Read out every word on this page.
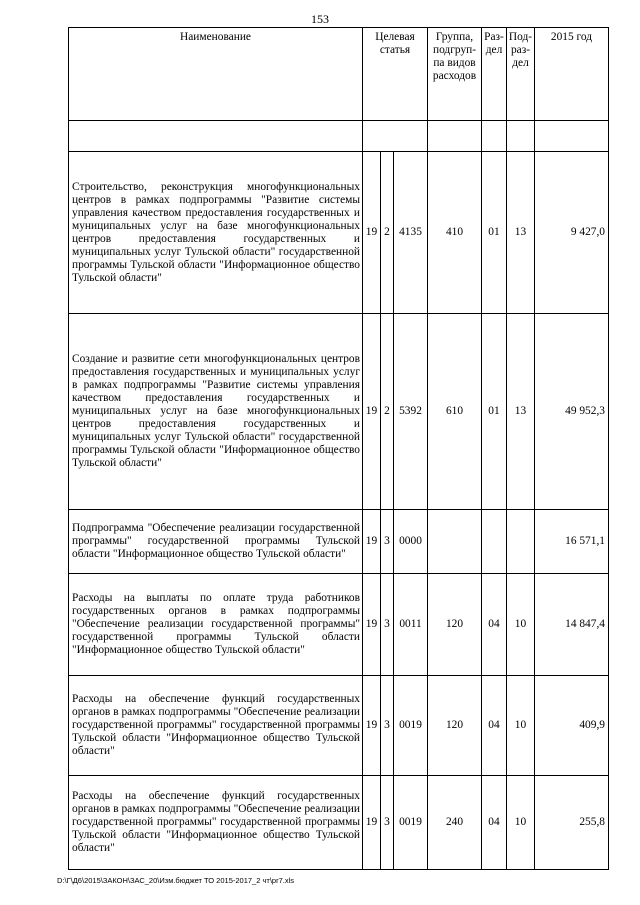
153
Наименование	Целевая статья			Группа, подгруп- па видов расходов	Раз- дел	Под- раз- дел	2015 год

Строительство, реконструкция многофункциональных центров в рамках подпрограммы "Развитие системы управления качеством предоставления государственных и муниципальных услуг на базе многофункциональных центров предоставления государственных и муниципальных услуг Тульской области" государственной программы Тульской области "Информационное общество Тульской области"	19	2	4135	410	01	13	9 427,0

Создание и развитие сети многофункциональных центров предоставления государственных и муниципальных услуг в рамках подпрограммы "Развитие системы управления качеством предоставления государственных и муниципальных услуг на базе многофункциональных центров предоставления государственных и муниципальных услуг Тульской области" государственной программы Тульской области "Информационное общество Тульской области"	19	2	5392	610	01	13	49 952,3

Подпрограмма "Обеспечение реализации государственной программы" государственной программы Тульской области "Информационное общество Тульской области"	19	3	0000				16 571,1

Расходы на выплаты по оплате труда работников государственных органов в рамках подпрограммы "Обеспечение реализации государственной программы" государственной программы Тульской области "Информационное общество Тульской области"	19	3	0011	120	04	10	14 847,4

Расходы на обеспечение функций государственных органов в рамках подпрограммы "Обеспечение реализации государственной программы" государственной программы Тульской области "Информационное общество Тульской области"	19	3	0019	120	04	10	409,9

Расходы на обеспечение функций государственных органов в рамках подпрограммы "Обеспечение реализации государственной программы" государственной программы Тульской области "Информационное общество Тульской области"	19	3	0019	240	04	10	255,8
D:\Г\Д6\2015\ЗАКОН\ЗАС_20\Изм.бюджет ТО 2015-2017_2 чт\pr7.xls
